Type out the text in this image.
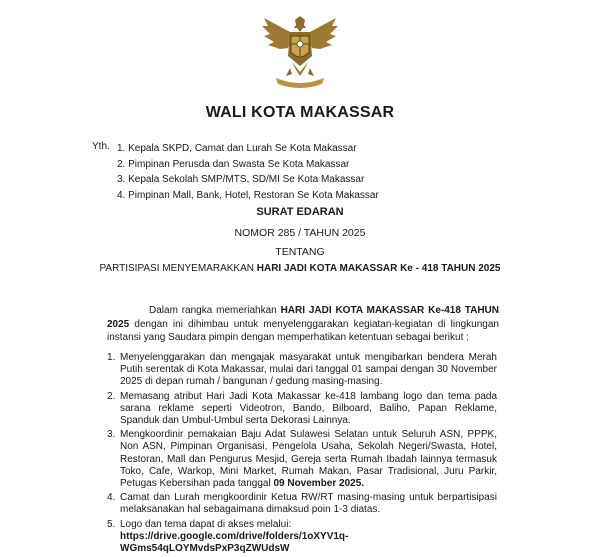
WALI KOTA MAKASSAR
Yth. 1. Kepala SKPD, Camat dan Lurah Se Kota Makassar
2. Pimpinan Perusda dan Swasta Se Kota Makassar
3. Kepala Sekolah SMP/MTS, SD/MI Se Kota Makassar
4. Pimpinan Mall, Bank, Hotel, Restoran Se Kota Makassar
SURAT EDARAN
NOMOR 285 / TAHUN 2025
TENTANG
PARTISIPASI MENYEMARAKKAN HARI JADI KOTA MAKASSAR Ke - 418 TAHUN 2025

Dalam rangka memeriahkan HARI JADI KOTA MAKASSAR Ke-418 TAHUN 2025 dengan ini dihimbau untuk menyelenggarakan kegiatan-kegiatan di lingkungan instansi yang Saudara pimpin dengan memperhatikan ketentuan sebagai berikut :

1. Menyelenggarakan dan mengajak masyarakat untuk mengibarkan bendera Merah Putih serentak di Kota Makassar, mulai dari tanggal 01 sampai dengan 30 November 2025 di depan rumah / bangunan / gedung masing-masing.
2. Memasang atribut Hari Jadi Kota Makassar ke-418 lambang logo dan tema pada sarana reklame seperti Videotron, Bando, Bilboard, Baliho, Papan Reklame, Spanduk dan Umbul-Umbul serta Dekorasi Lainnya.
3. Mengkoordinir pemakaian Baju Adat Sulawesi Selatan untuk Seluruh ASN, PPPK, Non ASN, Pimpinan Organisasi, Pengelola Usaha, Sekolah Negeri/Swasta, Hotel, Restoran, Mall dan Pengurus Mesjid, Gereja serta Rumah Ibadah lainnya termasuk Toko, Cafe, Warkop, Mini Market, Rumah Makan, Pasar Tradisional, Juru Parkir, Petugas Kebersihan pada tanggal 09 November 2025.
4. Camat dan Lurah mengkoordinir Ketua RW/RT masing-masing untuk berpartisipasi melaksanakan hal sebagaimana dimaksud poin 1-3 diatas.
5. Logo dan tema dapat di akses melalui:
https://drive.google.com/drive/folders/1oXYV1q-WGms54qLOYMvdsPxP3qZWUdsW
